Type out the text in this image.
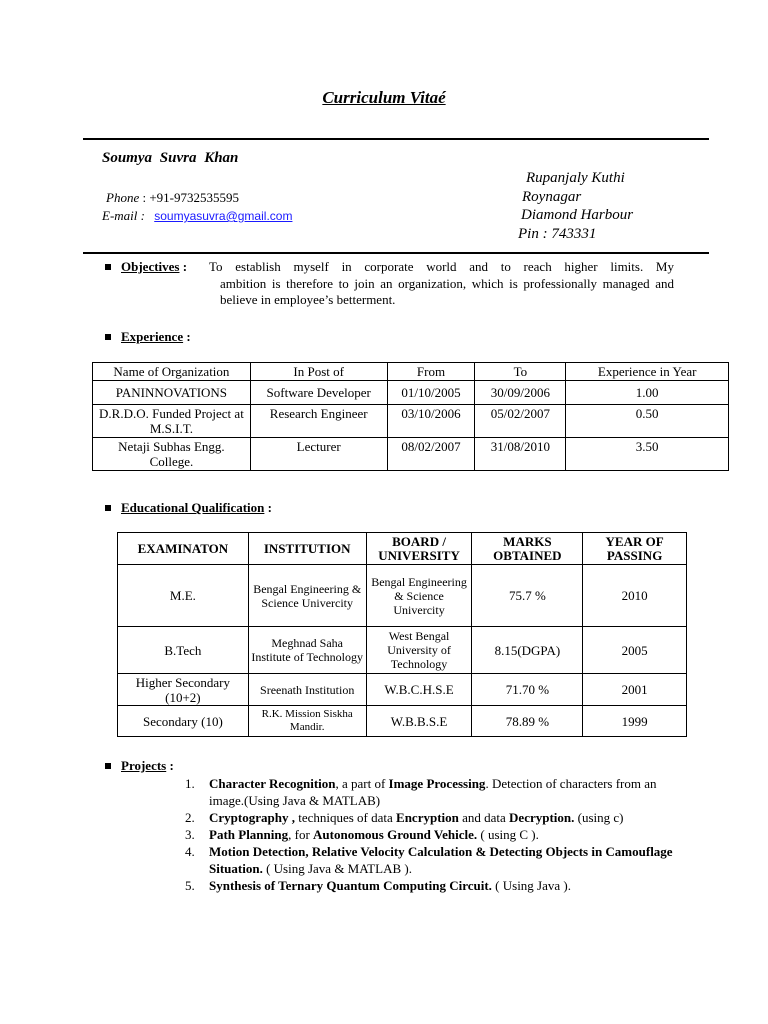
Curriculum Vitaé
Soumya Suvra Khan
Phone : +91-9732535595
E-mail : soumyasuvra@gmail.com
Rupanjaly Kuthi
Roynagar
Diamond Harbour
Pin : 743331
Objectives : To establish myself in corporate world and to reach higher limits. My
ambition is therefore to join an organization, which is professionally managed and believe in employee’s betterment.
Experience :
Name of Organization	In Post of	From	To	Experience in Year
PANINNOVATIONS	Software Developer	01/10/2005	30/09/2006	1.00
D.R.D.O. Funded Project at M.S.I.T.	Research Engineer	03/10/2006	05/02/2007	0.50
Netaji Subhas Engg. College.	Lecturer	08/02/2007	31/08/2010	3.50
Educational Qualification :
EXAMINATON	INSTITUTION	BOARD / UNIVERSITY	MARKS OBTAINED	YEAR OF PASSING
M.E.	Bengal Engineering & Science Univercity	Bengal Engineering & Science Univercity	75.7 %	2010
B.Tech	Meghnad Saha Institute of Technology	West Bengal University of Technology	8.15(DGPA)	2005
Higher Secondary (10+2)	Sreenath Institution	W.B.C.H.S.E	71.70 %	2001
Secondary (10)	R.K. Mission Siskha Mandir.	W.B.B.S.E	78.89 %	1999
Projects :
1. Character Recognition, a part of Image Processing. Detection of characters from an image.(Using Java & MATLAB)
2. Cryptography , techniques of data Encryption and data Decryption. (using c)
3. Path Planning, for Autonomous Ground Vehicle. ( using C ).
4. Motion Detection, Relative Velocity Calculation & Detecting Objects in Camouflage Situation. ( Using Java & MATLAB ).
5. Synthesis of Ternary Quantum Computing Circuit. ( Using Java ).
